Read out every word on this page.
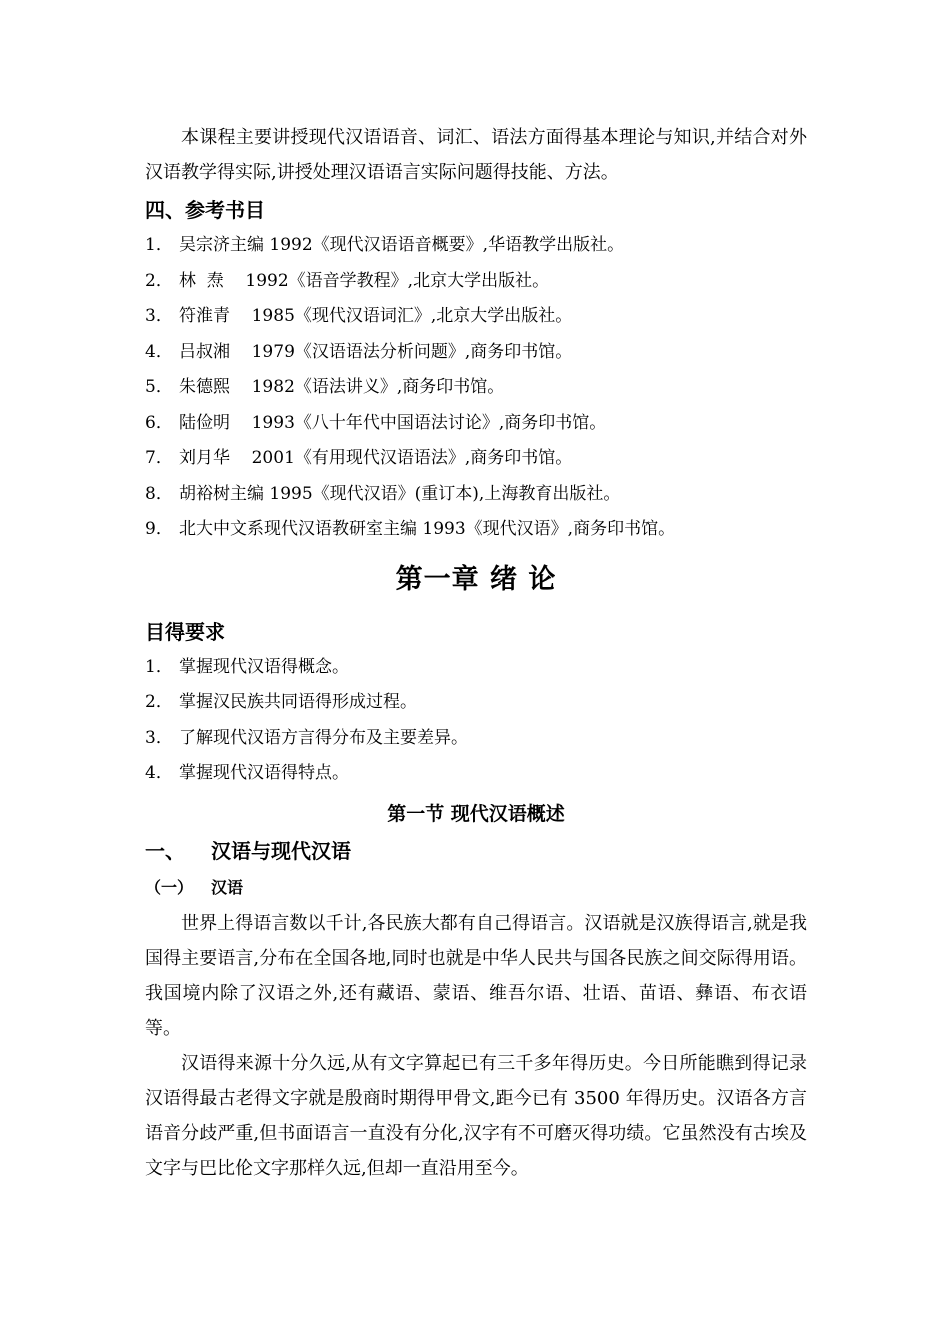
本课程主要讲授现代汉语语音、词汇、语法方面得基本理论与知识,并结合对外汉语教学得实际,讲授处理汉语语言实际问题得技能、方法。

四、参考书目
1． 吴宗济主编 1992《现代汉语语音概要》,华语教学出版社。
2． 林  焘    1992《语音学教程》,北京大学出版社。
3． 符淮青    1985《现代汉语词汇》,北京大学出版社。
4． 吕叔湘    1979《汉语语法分析问题》,商务印书馆。
5． 朱德熙    1982《语法讲义》,商务印书馆。
6． 陆俭明    1993《八十年代中国语法讨论》,商务印书馆。
7． 刘月华    2001《有用现代汉语语法》,商务印书馆。
8． 胡裕树主编 1995《现代汉语》(重订本),上海教育出版社。
9． 北大中文系现代汉语教研室主编 1993《现代汉语》,商务印书馆。
第一章 绪 论
目得要求
1． 掌握现代汉语得概念。
2． 掌握汉民族共同语得形成过程。
3． 了解现代汉语方言得分布及主要差异。
4． 掌握现代汉语得特点。
第一节 现代汉语概述
一、	汉语与现代汉语
（一）	汉语

世界上得语言数以千计,各民族大都有自己得语言。汉语就是汉族得语言,就是我国得主要语言,分布在全国各地,同时也就是中华人民共与国各民族之间交际得用语。我国境内除了汉语之外,还有藏语、蒙语、维吾尔语、壮语、苗语、彝语、布衣语等。

汉语得来源十分久远,从有文字算起已有三千多年得历史。今日所能瞧到得记录汉语得最古老得文字就是殷商时期得甲骨文,距今已有 3500 年得历史。汉语各方言语音分歧严重,但书面语言一直没有分化,汉字有不可磨灭得功绩。它虽然没有古埃及文字与巴比伦文字那样久远,但却一直沿用至今。
